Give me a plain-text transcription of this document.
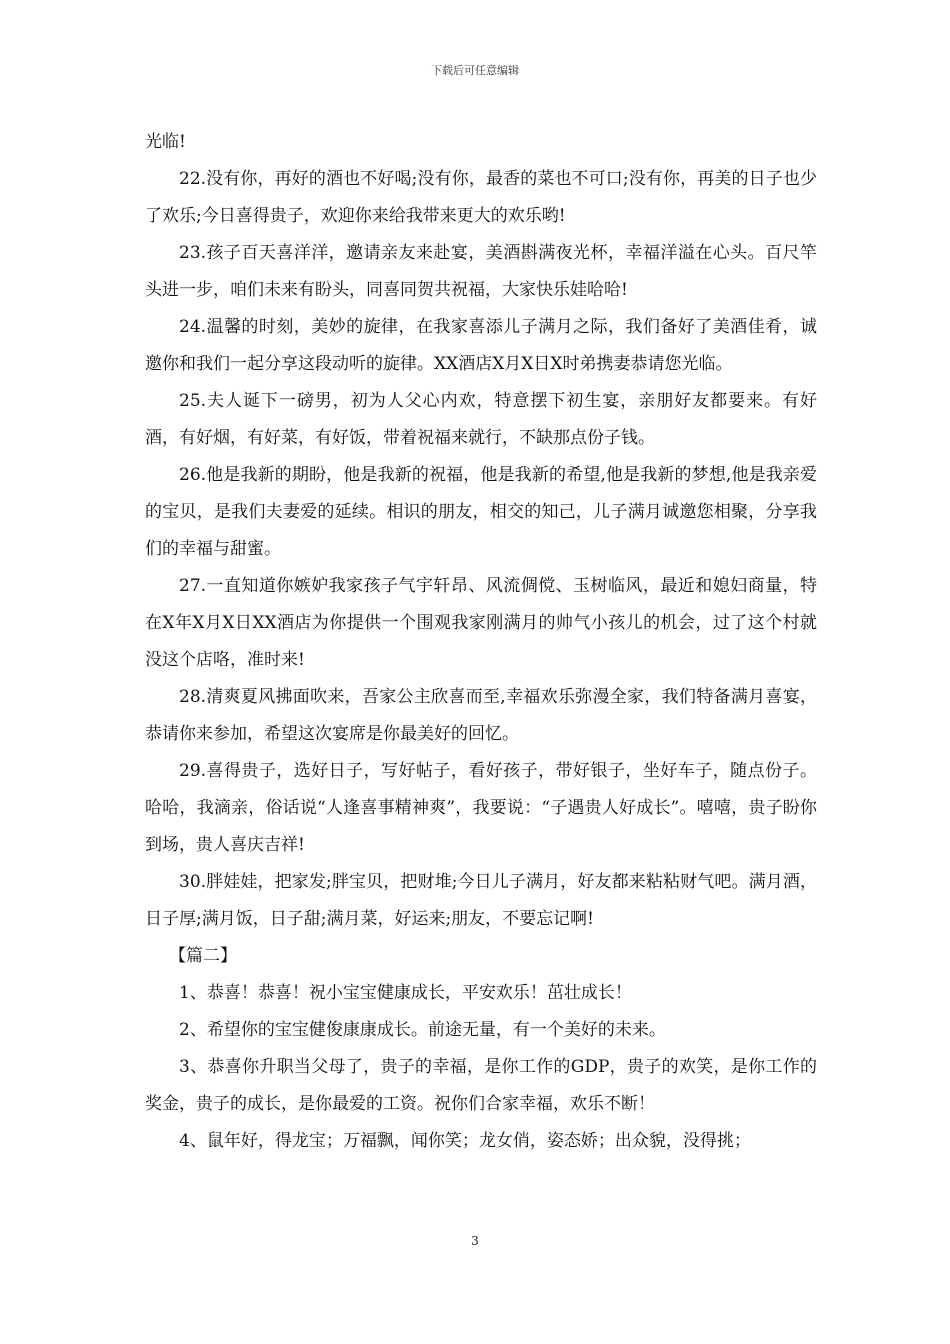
下载后可任意编辑

光临!

22.没有你，再好的酒也不好喝;没有你，最香的菜也不可口;没有你，再美的日子也少了欢乐;今日喜得贵子，欢迎你来给我带来更大的欢乐哟!

23.孩子百天喜洋洋，邀请亲友来赴宴，美酒斟满夜光杯，幸福洋溢在心头。百尺竿头进一步，咱们未来有盼头，同喜同贺共祝福，大家快乐娃哈哈!

24.温馨的时刻，美妙的旋律，在我家喜添儿子满月之际，我们备好了美酒佳肴，诚邀你和我们一起分享这段动听的旋律。XX酒店X月X日X时弟携妻恭请您光临。

25.夫人诞下一磅男，初为人父心内欢，特意摆下初生宴，亲朋好友都要来。有好酒，有好烟，有好菜，有好饭，带着祝福来就行，不缺那点份子钱。

26.他是我新的期盼，他是我新的祝福，他是我新的希望,他是我新的梦想,他是我亲爱的宝贝，是我们夫妻爱的延续。相识的朋友，相交的知己，儿子满月诚邀您相聚，分享我们的幸福与甜蜜。

27.一直知道你嫉妒我家孩子气宇轩昂、风流倜傥、玉树临风，最近和媳妇商量，特在X年X月X日XX酒店为你提供一个围观我家刚满月的帅气小孩儿的机会，过了这个村就没这个店咯，准时来!

28.清爽夏风拂面吹来，吾家公主欣喜而至,幸福欢乐弥漫全家，我们特备满月喜宴，恭请你来参加，希望这次宴席是你最美好的回忆。

29.喜得贵子，选好日子，写好帖子，看好孩子，带好银子，坐好车子，随点份子。哈哈，我滴亲，俗话说“人逢喜事精神爽”，我要说：“子遇贵人好成长”。嘻嘻，贵子盼你到场，贵人喜庆吉祥!

30.胖娃娃，把家发;胖宝贝，把财堆;今日儿子满月，好友都来粘粘财气吧。满月酒，日子厚;满月饭，日子甜;满月菜，好运来;朋友，不要忘记啊!

【篇二】

1、恭喜！恭喜！祝小宝宝健康成长，平安欢乐！茁壮成长！

2、希望你的宝宝健俊康康成长。前途无量，有一个美好的未来。

3、恭喜你升职当父母了，贵子的幸福，是你工作的GDP，贵子的欢笑，是你工作的奖金，贵子的成长，是你最爱的工资。祝你们合家幸福，欢乐不断！

4、鼠年好，得龙宝；万福飘，闻你笑；龙女俏，姿态娇；出众貌，没得挑；

3
